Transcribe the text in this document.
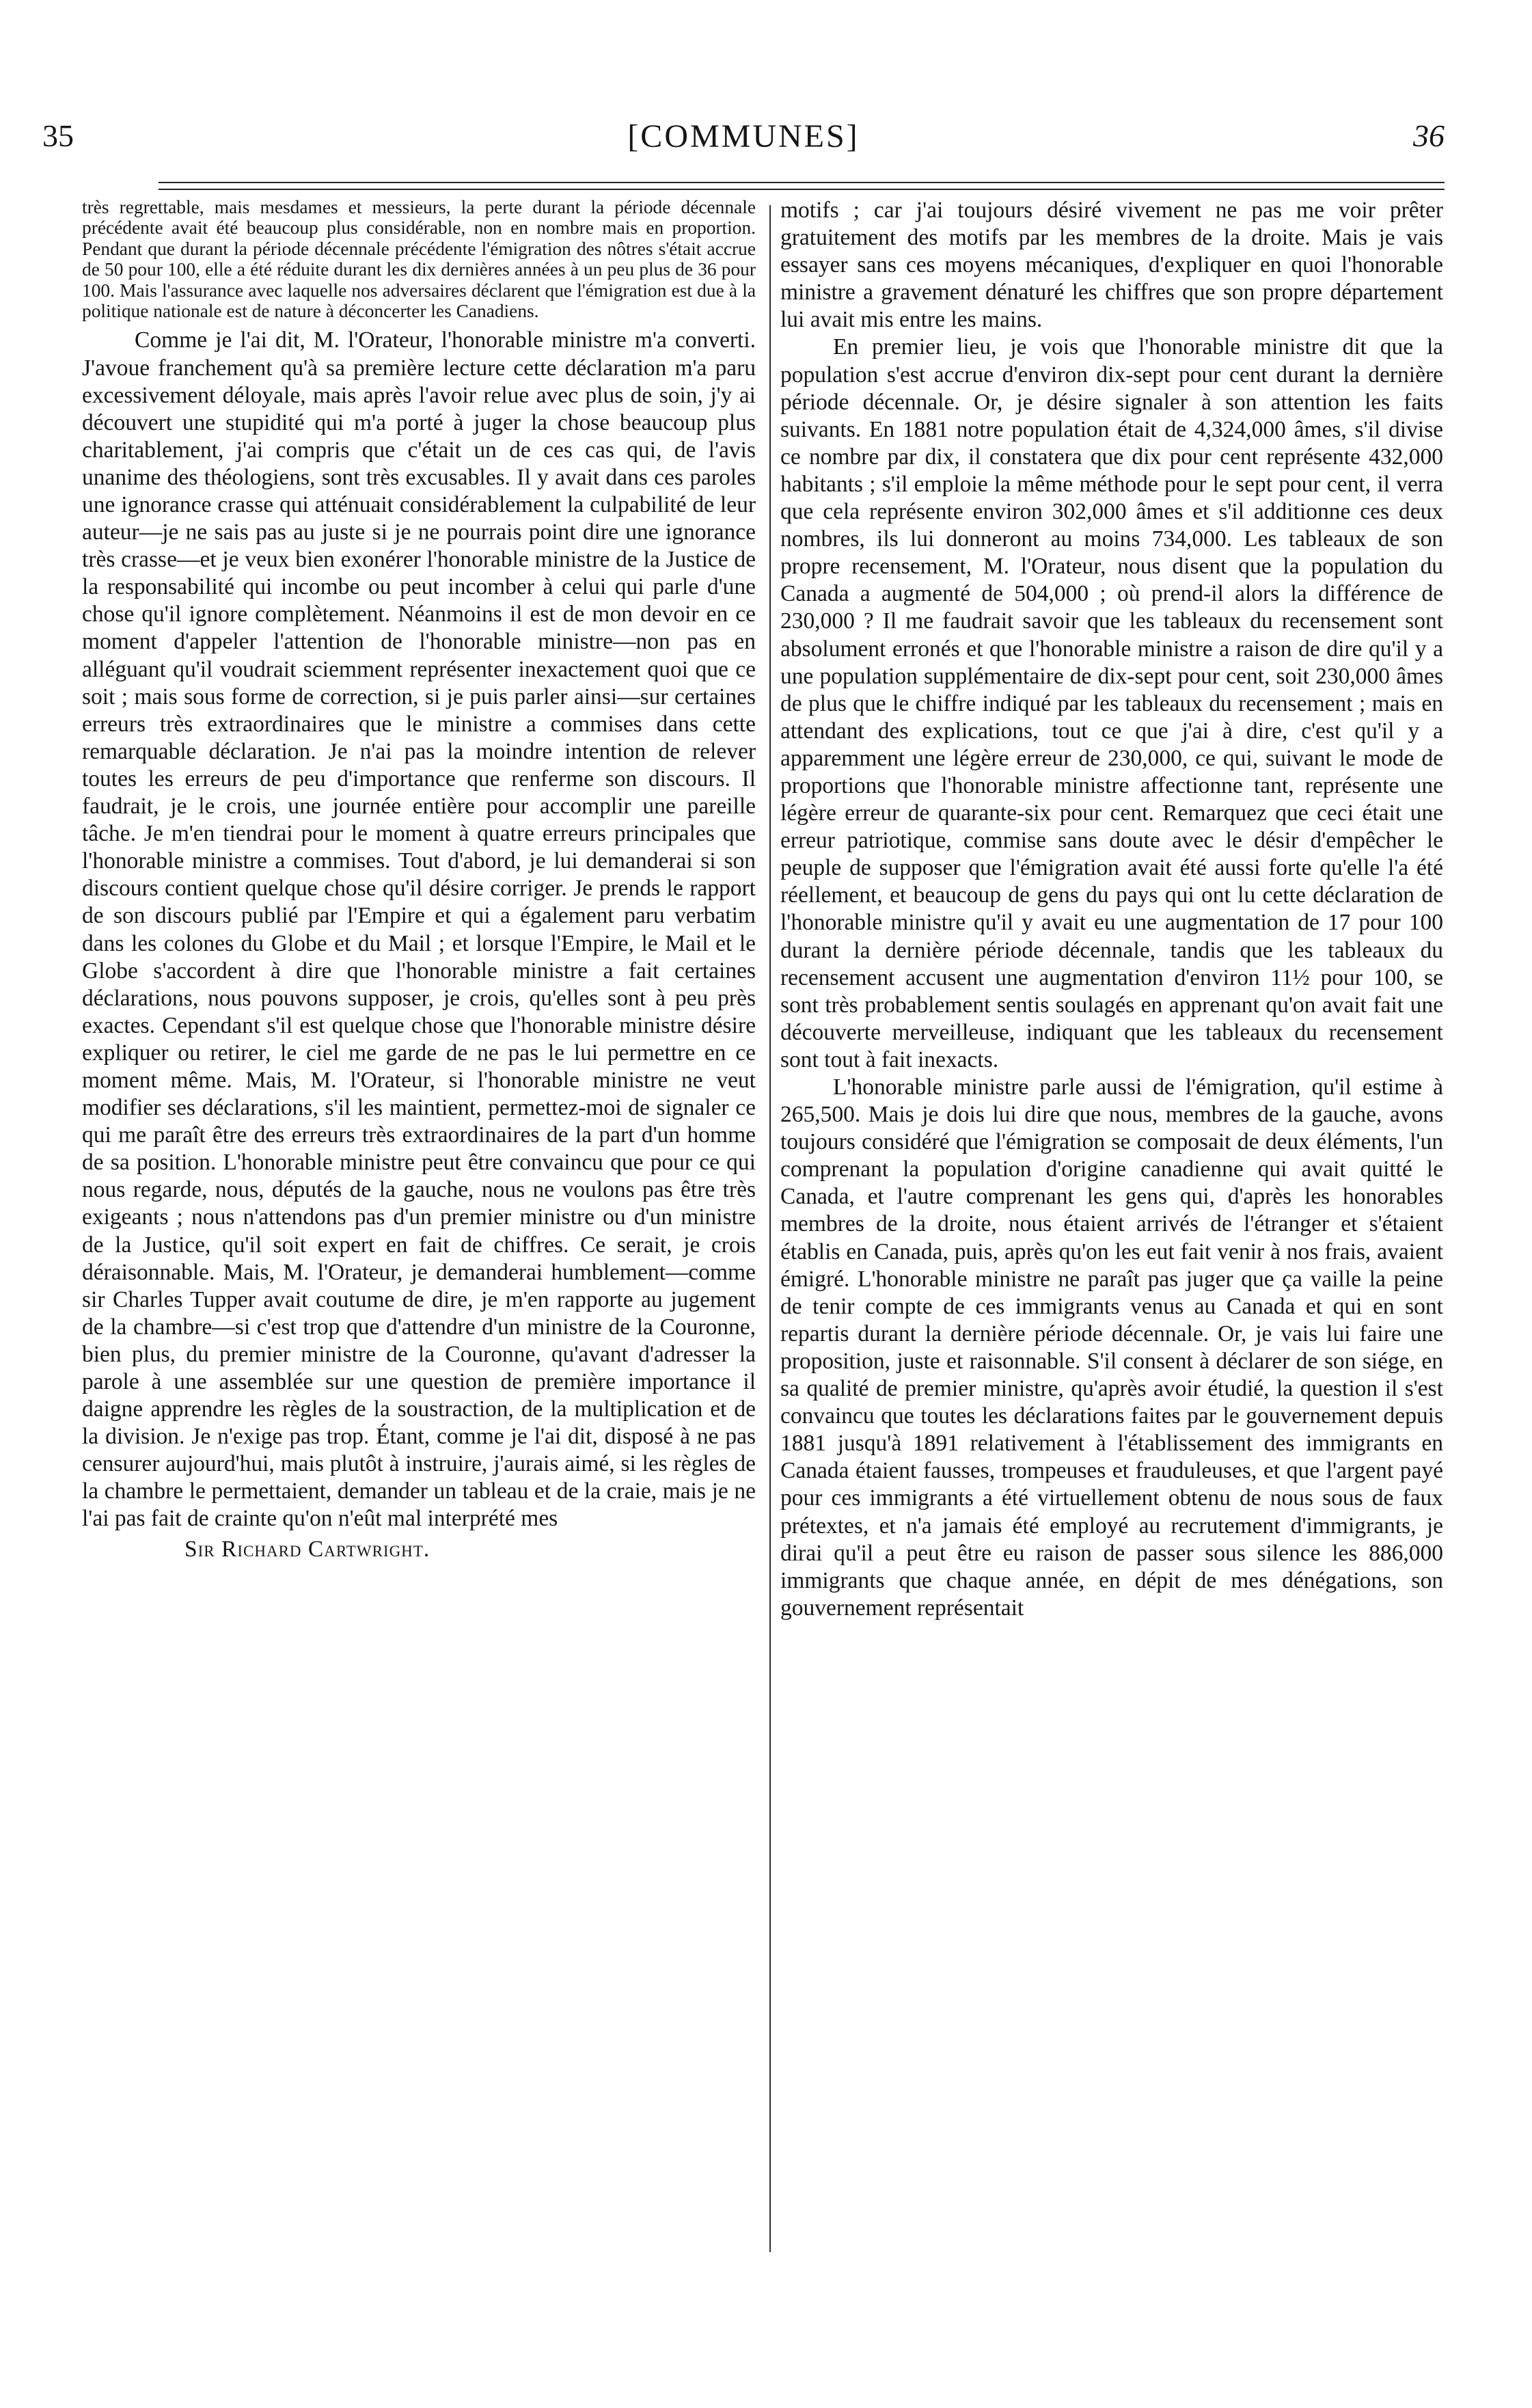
35	[COMMUNES]	36

très regrettable, mais mesdames et messieurs, la perte durant la période décennale précédente avait été beaucoup plus considérable, non en nombre mais en proportion. Pendant que durant la période décennale précédente l'émigration des nôtres s'était accrue de 50 pour 100, elle a été réduite durant les dix dernières années à un peu plus de 36 pour 100. Mais l'assurance avec laquelle nos adversaires déclarent que l'émigration est due à la politique nationale est de nature à déconcerter les Canadiens.

Comme je l'ai dit, M. l'Orateur, l'honorable ministre m'a converti. J'avoue franchement qu'à sa première lecture cette déclaration m'a paru excessivement déloyale, mais après l'avoir relue avec plus de soin, j'y ai découvert une stupidité qui m'a porté à juger la chose beaucoup plus charitablement, j'ai compris que c'était un de ces cas qui, de l'avis unanime des théologiens, sont très excusables. Il y avait dans ces paroles une ignorance crasse qui atténuait considérablement la culpabilité de leur auteur—je ne sais pas au juste si je ne pourrais point dire une ignorance très crasse—et je veux bien exonérer l'honorable ministre de la Justice de la responsabilité qui incombe ou peut incomber à celui qui parle d'une chose qu'il ignore complètement. Néanmoins il est de mon devoir en ce moment d'appeler l'attention de l'honorable ministre—non pas en alléguant qu'il voudrait sciemment représenter inexactement quoi que ce soit ; mais sous forme de correction, si je puis parler ainsi—sur certaines erreurs très extraordinaires que le ministre a commises dans cette remarquable déclaration. Je n'ai pas la moindre intention de relever toutes les erreurs de peu d'importance que renferme son discours. Il faudrait, je le crois, une journée entière pour accomplir une pareille tâche. Je m'en tiendrai pour le moment à quatre erreurs principales que l'honorable ministre a commises. Tout d'abord, je lui demanderai si son discours contient quelque chose qu'il désire corriger. Je prends le rapport de son discours publié par l'Empire et qui a également paru verbatim dans les colones du Globe et du Mail ; et lorsque l'Empire, le Mail et le Globe s'accordent à dire que l'honorable ministre a fait certaines déclarations, nous pouvons supposer, je crois, qu'elles sont à peu près exactes. Cependant s'il est quelque chose que l'honorable ministre désire expliquer ou retirer, le ciel me garde de ne pas le lui permettre en ce moment même. Mais, M. l'Orateur, si l'honorable ministre ne veut modifier ses déclarations, s'il les maintient, permettez-moi de signaler ce qui me paraît être des erreurs très extraordinaires de la part d'un homme de sa position. L'honorable ministre peut être convaincu que pour ce qui nous regarde, nous, députés de la gauche, nous ne voulons pas être très exigeants ; nous n'attendons pas d'un premier ministre ou d'un ministre de la Justice, qu'il soit expert en fait de chiffres. Ce serait, je crois déraisonnable. Mais, M. l'Orateur, je demanderai humblement—comme sir Charles Tupper avait coutume de dire, je m'en rapporte au jugement de la chambre—si c'est trop que d'attendre d'un ministre de la Couronne, bien plus, du premier ministre de la Couronne, qu'avant d'adresser la parole à une assemblée sur une question de première importance il daigne apprendre les règles de la soustraction, de la multiplication et de la division. Je n'exige pas trop. Étant, comme je l'ai dit, disposé à ne pas censurer aujourd'hui, mais plutôt à instruire, j'aurais aimé, si les règles de la chambre le permettaient, demander un tableau et de la craie, mais je ne l'ai pas fait de crainte qu'on n'eût mal interprété mes

Sir Richard Cartwright.

motifs ; car j'ai toujours désiré vivement ne pas me voir prêter gratuitement des motifs par les membres de la droite. Mais je vais essayer sans ces moyens mécaniques, d'expliquer en quoi l'honorable ministre a gravement dénaturé les chiffres que son propre département lui avait mis entre les mains.

En premier lieu, je vois que l'honorable ministre dit que la population s'est accrue d'environ dix-sept pour cent durant la dernière période décennale. Or, je désire signaler à son attention les faits suivants. En 1881 notre population était de 4,324,000 âmes, s'il divise ce nombre par dix, il constatera que dix pour cent représente 432,000 habitants ; s'il emploie la même méthode pour le sept pour cent, il verra que cela représente environ 302,000 âmes et s'il additionne ces deux nombres, ils lui donneront au moins 734,000. Les tableaux de son propre recensement, M. l'Orateur, nous disent que la population du Canada a augmenté de 504,000 ; où prend-il alors la différence de 230,000 ? Il me faudrait savoir que les tableaux du recensement sont absolument erronés et que l'honorable ministre a raison de dire qu'il y a une population supplémentaire de dix-sept pour cent, soit 230,000 âmes de plus que le chiffre indiqué par les tableaux du recensement ; mais en attendant des explications, tout ce que j'ai à dire, c'est qu'il y a apparemment une légère erreur de 230,000, ce qui, suivant le mode de proportions que l'honorable ministre affectionne tant, représente une légère erreur de quarante-six pour cent. Remarquez que ceci était une erreur patriotique, commise sans doute avec le désir d'empêcher le peuple de supposer que l'émigration avait été aussi forte qu'elle l'a été réellement, et beaucoup de gens du pays qui ont lu cette déclaration de l'honorable ministre qu'il y avait eu une augmentation de 17 pour 100 durant la dernière période décennale, tandis que les tableaux du recensement accusent une augmentation d'environ 11½ pour 100, se sont très probablement sentis soulagés en apprenant qu'on avait fait une découverte merveilleuse, indiquant que les tableaux du recensement sont tout à fait inexacts.

L'honorable ministre parle aussi de l'émigration, qu'il estime à 265,500. Mais je dois lui dire que nous, membres de la gauche, avons toujours considéré que l'émigration se composait de deux éléments, l'un comprenant la population d'origine canadienne qui avait quitté le Canada, et l'autre comprenant les gens qui, d'après les honorables membres de la droite, nous étaient arrivés de l'étranger et s'étaient établis en Canada, puis, après qu'on les eut fait venir à nos frais, avaient émigré. L'honorable ministre ne paraît pas juger que ça vaille la peine de tenir compte de ces immigrants venus au Canada et qui en sont repartis durant la dernière période décennale. Or, je vais lui faire une proposition, juste et raisonnable. S'il consent à déclarer de son siége, en sa qualité de premier ministre, qu'après avoir étudié, la question il s'est convaincu que toutes les déclarations faites par le gouvernement depuis 1881 jusqu'à 1891 relativement à l'établissement des immigrants en Canada étaient fausses, trompeuses et frauduleuses, et que l'argent payé pour ces immigrants a été virtuellement obtenu de nous sous de faux prétextes, et n'a jamais été employé au recrutement d'immigrants, je dirai qu'il a peut être eu raison de passer sous silence les 886,000 immigrants que chaque année, en dépit de mes dénégations, son gouvernement représentait
